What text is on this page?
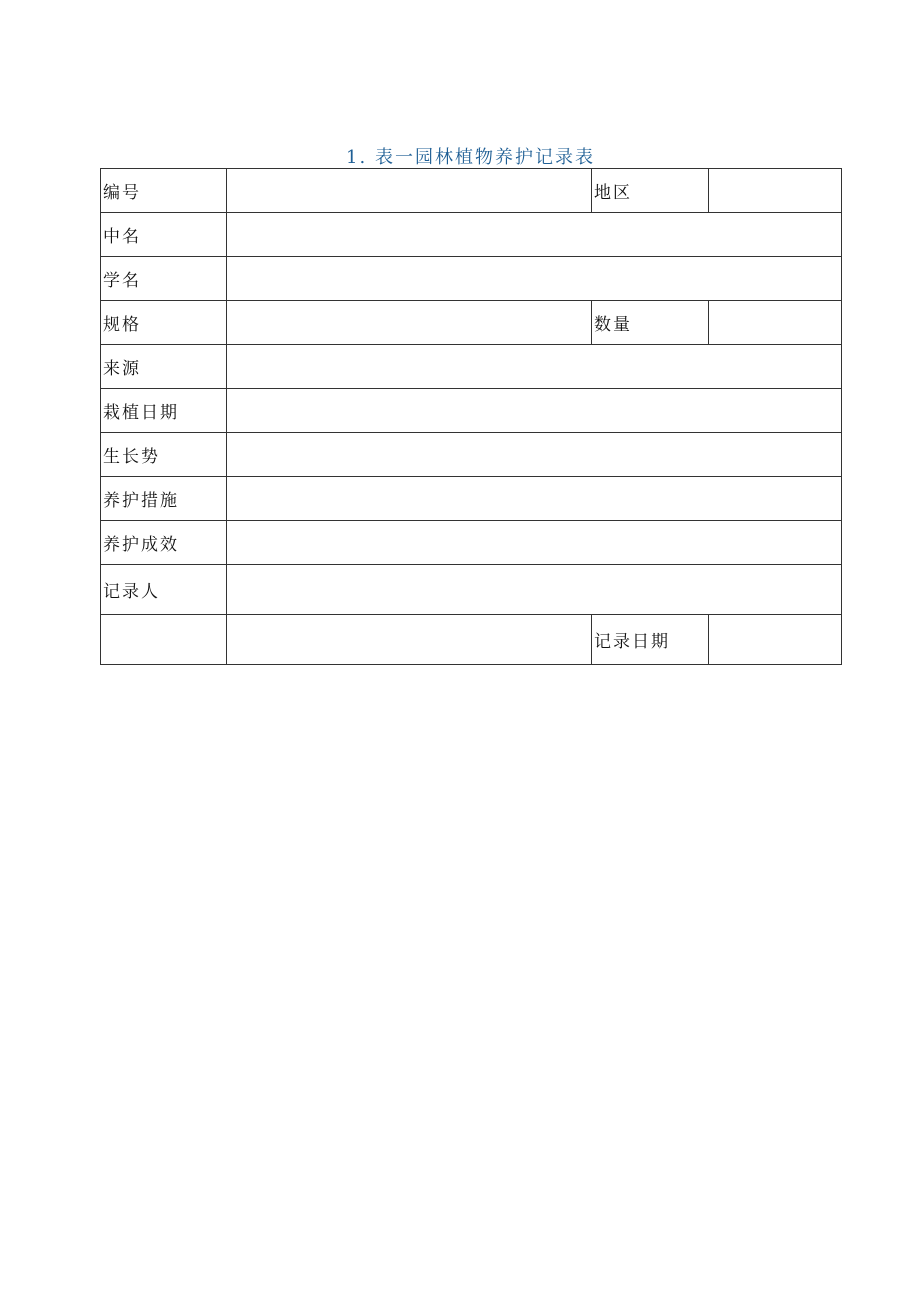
1. 表一园林植物养护记录表
编号		地区	
中名			
学名			
规格		数量	
来源			
栽植日期			
生长势			
养护措施			
养护成效			
记录人			
		记录日期	
